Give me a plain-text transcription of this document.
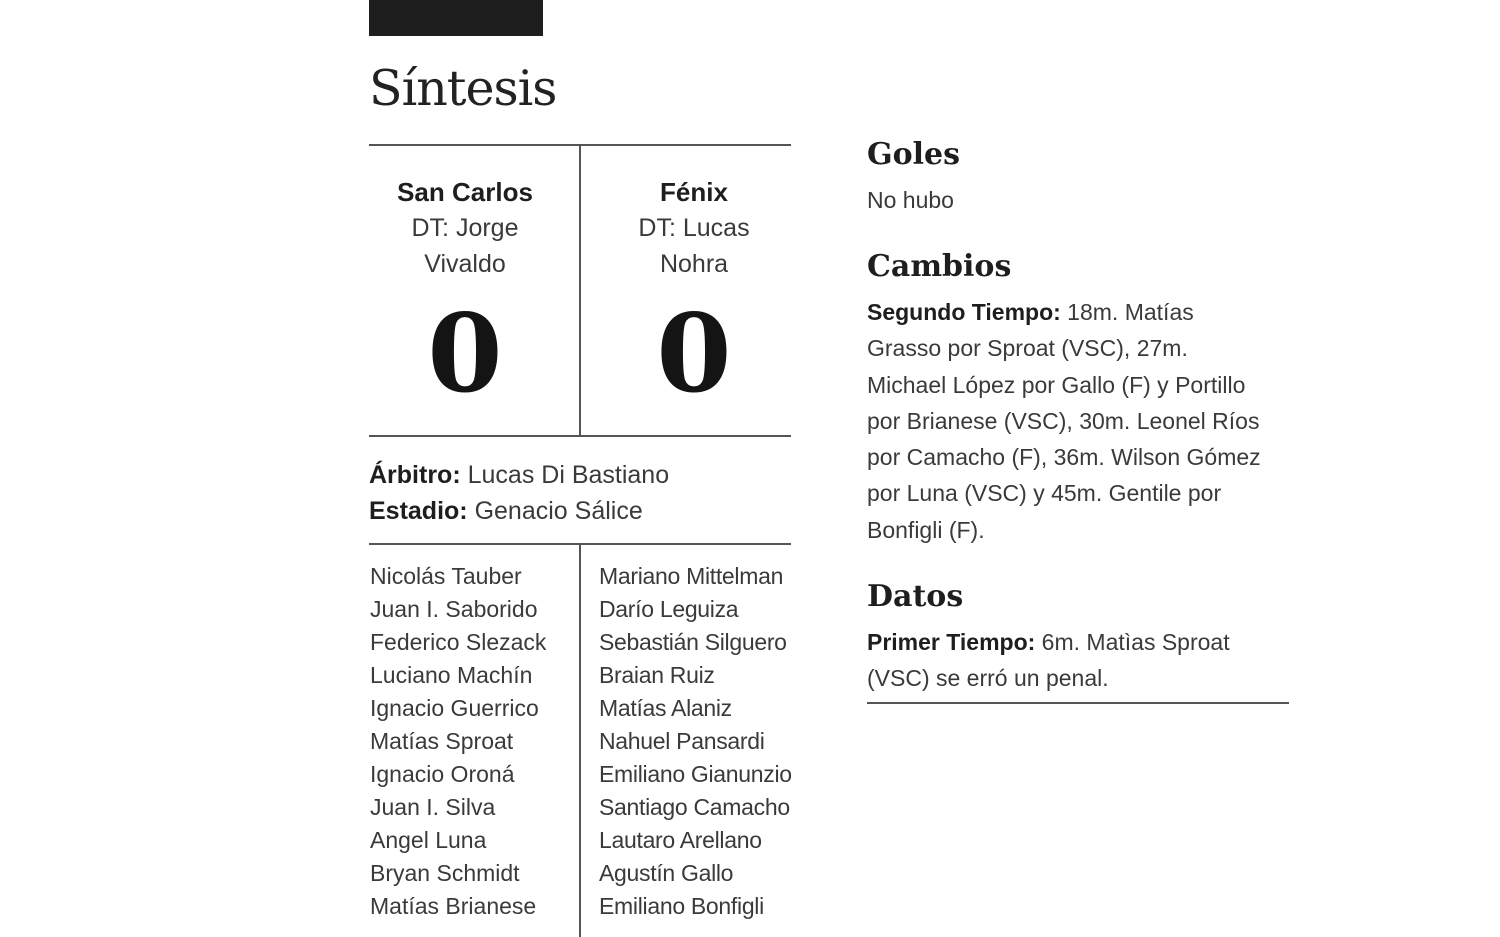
Síntesis
San Carlos
DT: Jorge
Vivaldo
0
Fénix
DT: Lucas
Nohra
0
Árbitro: Lucas Di Bastiano
Estadio: Genacio Sálice
Nicolás Tauber
Juan I. Saborido
Federico Slezack
Luciano Machín
Ignacio Guerrico
Matías Sproat
Ignacio Oroná
Juan I. Silva
Angel Luna
Bryan Schmidt
Matías Brianese
Mariano Mittelman
Darío Leguiza
Sebastián Silguero
Braian Ruiz
Matías Alaniz
Nahuel Pansardi
Emiliano Gianunzio
Santiago Camacho
Lautaro Arellano
Agustín Gallo
Emiliano Bonfigli
Goles
No hubo
Cambios
Segundo Tiempo: 18m. Matías
Grasso por Sproat (VSC), 27m.
Michael López por Gallo (F) y Portillo
por Brianese (VSC), 30m. Leonel Ríos
por Camacho (F), 36m. Wilson Gómez
por Luna (VSC) y 45m. Gentile por
Bonfigli (F).
Datos
Primer Tiempo: 6m. Matìas Sproat
(VSC) se erró un penal.
